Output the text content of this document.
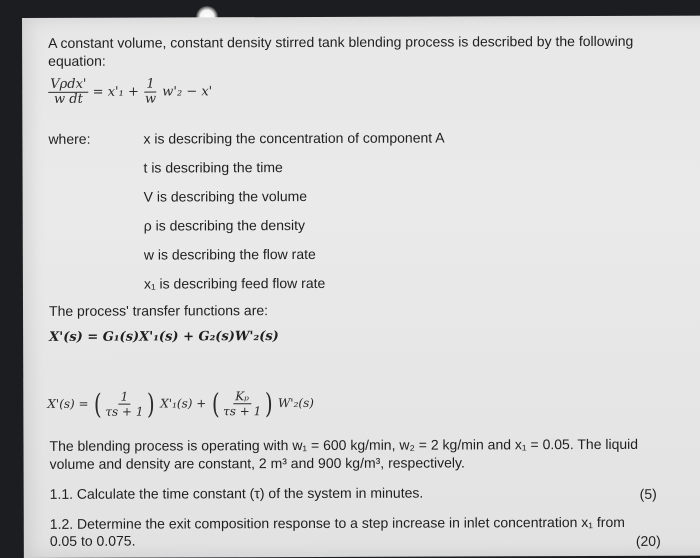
A constant volume, constant density stirred tank blending process is described by the following
equation:
$\frac{\text{Vρdx'}}{\text{w dt}} = x'_1 + \frac{1}{w} w'_2 - x'$
where:	x is describing the concentration of component A
t is describing the time
V is describing the volume
ρ is describing the density
w is describing the flow rate
x₁ is describing feed flow rate
The process' transfer functions are:
X'(s) = G₁(s)X'₁(s) + G₂(s)W'₂(s)
X'(s) = ( $\frac{1}{\tau s + 1}$ ) X'₁(s) + ( $\frac{\text{Kₚ}}{\tau s + 1}$ ) W'₂(s)
The blending process is operating with w₁ = 600 kg/min, w₂ = 2 kg/min and x₁ = 0.05. The liquid
volume and density are constant, 2 m³ and 900 kg/m³, respectively.
1.1. Calculate the time constant (τ) of the system in minutes.	(5)
1.2. Determine the exit composition response to a step increase in inlet concentration x₁ from
0.05 to 0.075.	(20)
